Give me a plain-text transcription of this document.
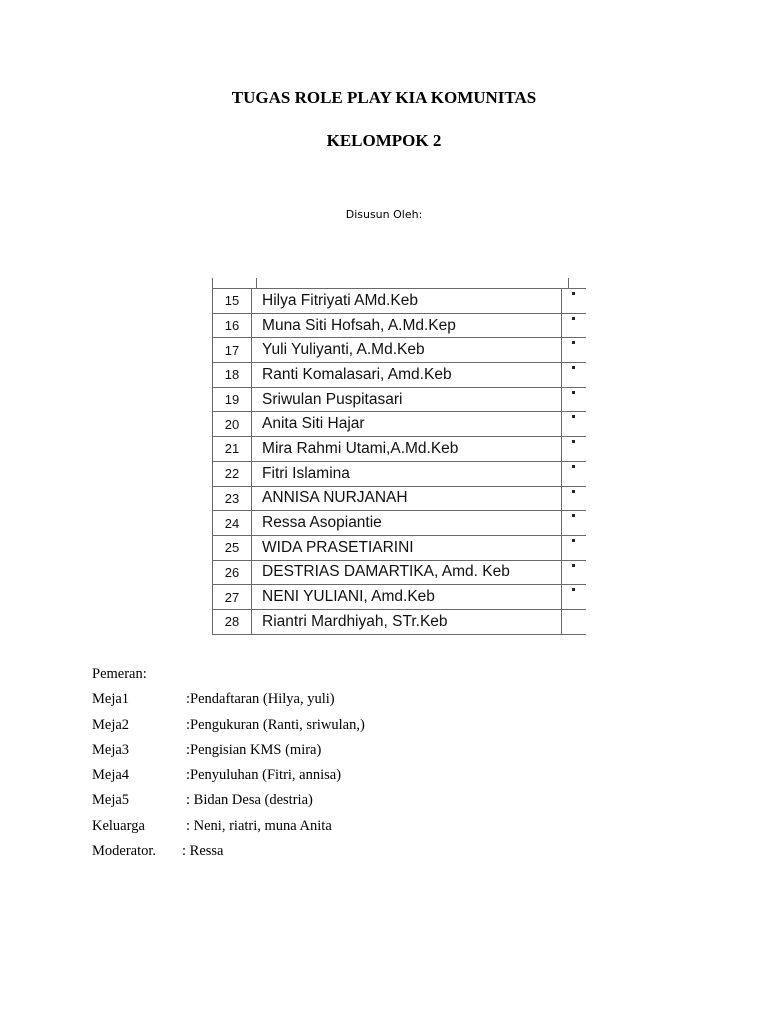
TUGAS ROLE PLAY KIA KOMUNITAS
KELOMPOK 2
Disusun Oleh:
15	Hilya Fitriyati AMd.Keb	

16	Muna Siti Hofsah, A.Md.Kep	

17	Yuli Yuliyanti, A.Md.Keb	

18	Ranti Komalasari, Amd.Keb	

19	Sriwulan Puspitasari	

20	Anita Siti Hajar	

21	Mira Rahmi Utami,A.Md.Keb	

22	Fitri Islamina	

23	ANNISA NURJANAH	

24	Ressa Asopiantie	

25	WIDA PRASETIARINI	

26	DESTRIAS DAMARTIKA, Amd. Keb	

27	NENI YULIANI, Amd.Keb	

28	Riantri Mardhiyah, STr.Keb	
Pemeran:
Meja1	:Pendaftaran (Hilya, yuli)
Meja2	:Pengukuran (Ranti, sriwulan,)
Meja3	:Pengisian KMS (mira)
Meja4	:Penyuluhan (Fitri, annisa)
Meja5	: Bidan Desa (destria)
Keluarga	: Neni, riatri, muna Anita
Moderator. : Ressa
